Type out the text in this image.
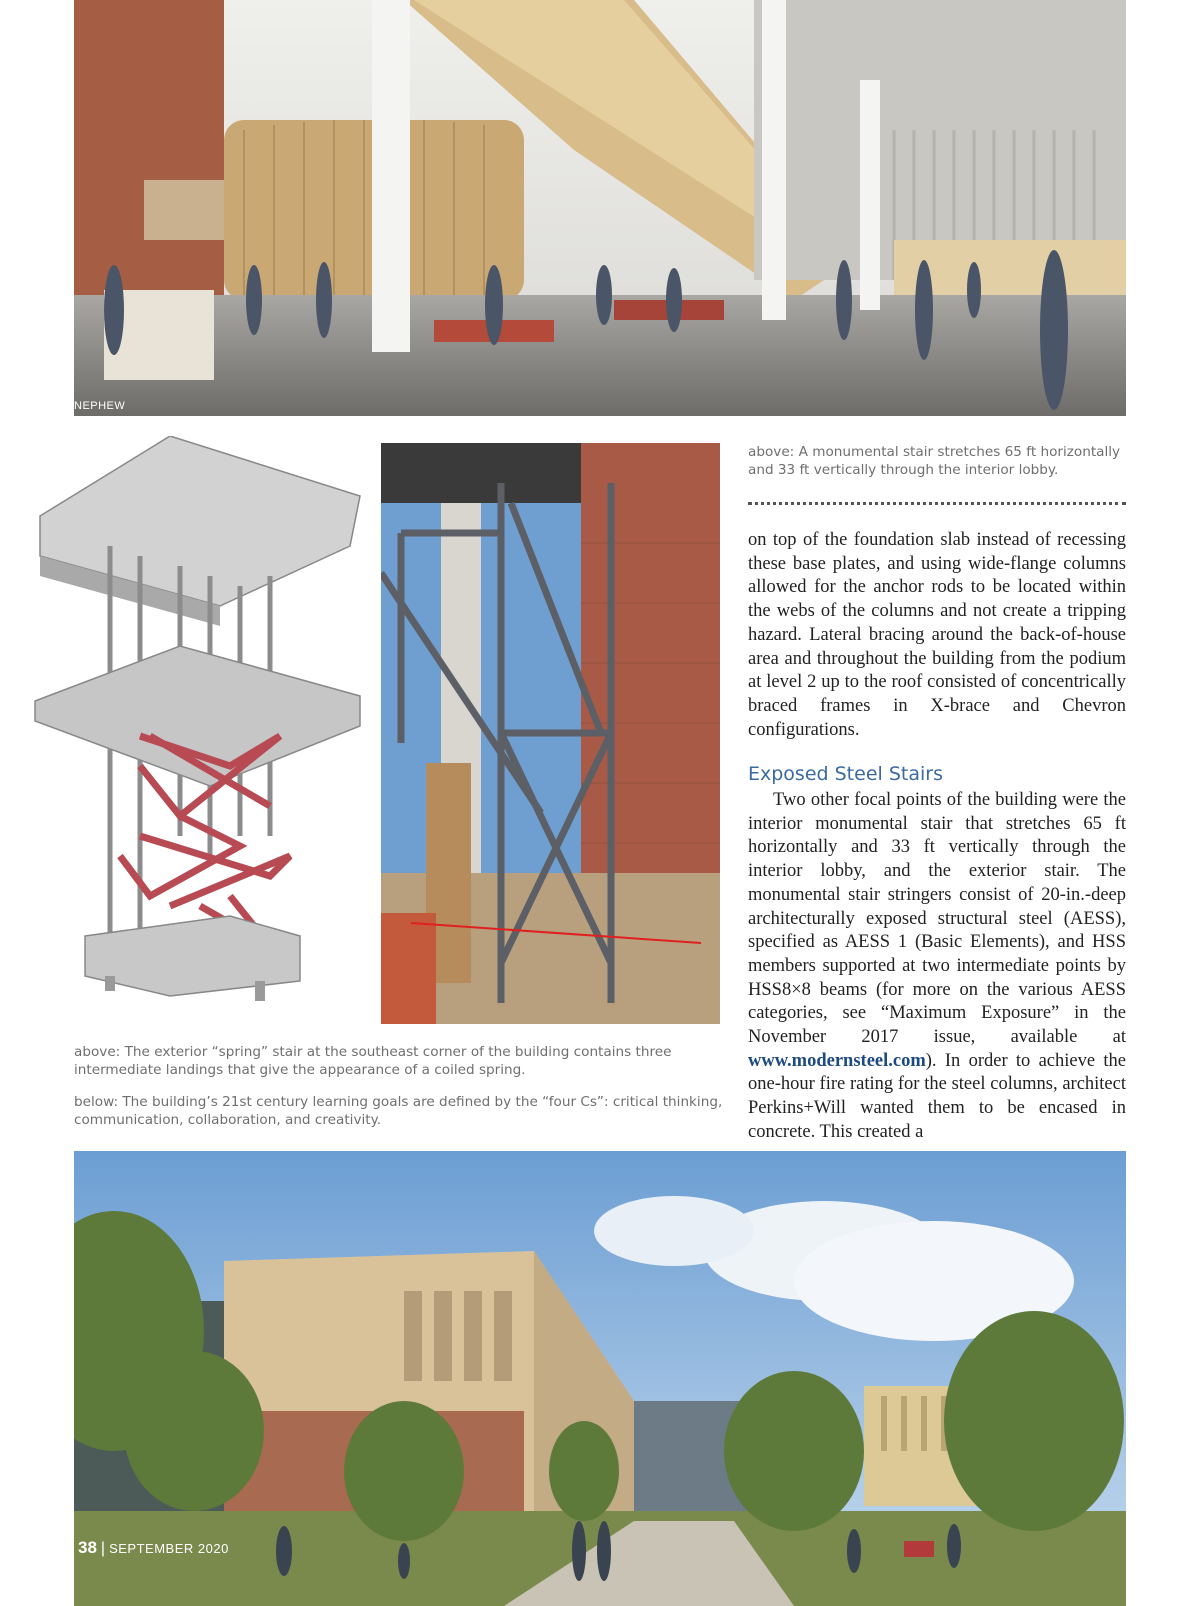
NEPHEW
above: A monumental stair stretches 65 ft horizontally and 33 ft vertically through the interior lobby.

on top of the foundation slab instead of recessing these base plates, and using wide-flange columns allowed for the anchor rods to be located within the webs of the columns and not create a tripping hazard. Lateral bracing around the back-of-house area and throughout the building from the podium at level 2 up to the roof consisted of concentrically braced frames in X-brace and Chevron configurations.

Exposed Steel Stairs

Two other focal points of the building were the interior monumental stair that stretches 65 ft horizontally and 33 ft vertically through the interior lobby, and the exterior stair. The monumental stair stringers consist of 20-in.-deep architecturally exposed structural steel (AESS), specified as AESS 1 (Basic Elements), and HSS members supported at two intermediate points by HSS8×8 beams (for more on the various AESS categories, see “Maximum Exposure” in the November 2017 issue, available at www.modernsteel.com). In order to achieve the one-hour fire rating for the steel columns, architect Perkins+Will wanted them to be encased in concrete. This created a

above: The exterior “spring” stair at the southeast corner of the building contains three intermediate landings that give the appearance of a coiled spring.
below: The building’s 21st century learning goals are defined by the “four Cs”: critical thinking, communication, collaboration, and creativity.
38 | SEPTEMBER 2020
